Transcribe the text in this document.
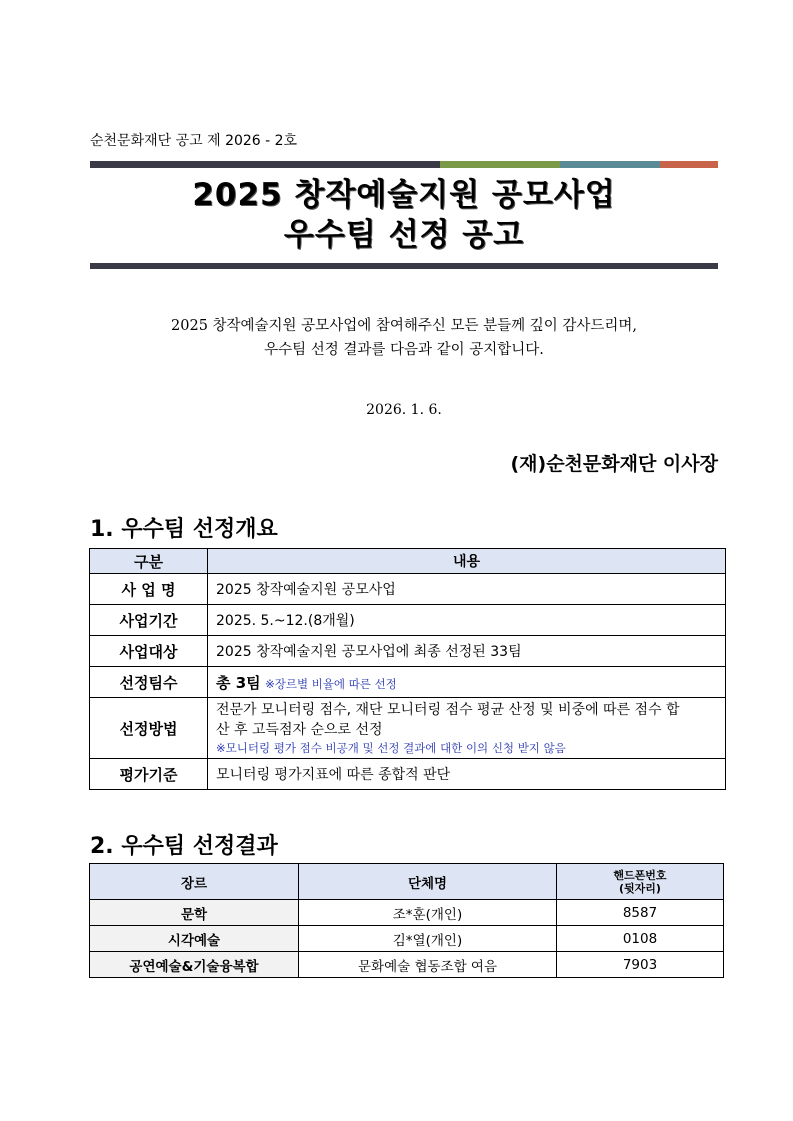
순천문화재단 공고 제 2026 - 2호
2025 창작예술지원 공모사업
우수팀 선정 공고
2025 창작예술지원 공모사업에 참여해주신 모든 분들께 깊이 감사드리며,
우수팀 선정 결과를 다음과 같이 공지합니다.
2026. 1. 6.
(재)순천문화재단 이사장
1. 우수팀 선정개요
구분	내용
사 업 명	2025 창작예술지원 공모사업
사업기간	2025. 5.~12.(8개월)
사업대상	2025 창작예술지원 공모사업에 최종 선정된 33팀
선정팀수	총 3팀 ※장르별 비율에 따른 선정
선정방법	전문가 모니터링 점수, 재단 모니터링 점수 평균 산정 및 비중에 따른 점수 합
산 후 고득점자 순으로 선정
※모니터링 평가 점수 비공개 및 선정 결과에 대한 이의 신청 받지 않음

평가기준	모니터링 평가지표에 따른 종합적 판단
2. 우수팀 선정결과
장르	단체명	핸드폰번호
(뒷자리)

문학	조*훈(개인)	8587
시각예술	김*열(개인)	0108
공연예술&기술융복합	문화예술 협동조합 여음	7903
